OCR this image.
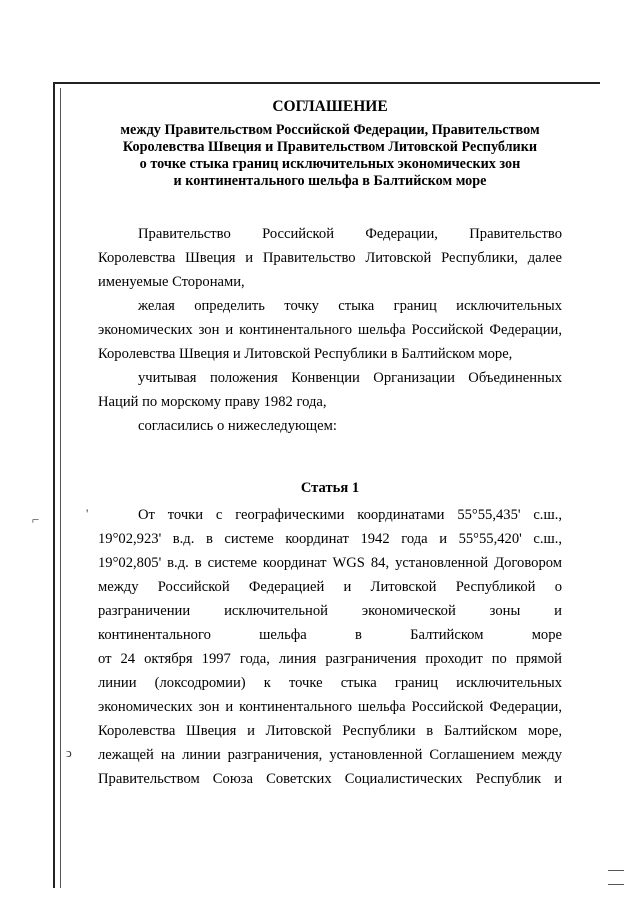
СОГЛАШЕНИЕ
между Правительством Российской Федерации, Правительством
Королевства Швеция и Правительством Литовской Республики
о точке стыка границ исключительных экономических зон
и континентального шельфа в Балтийском море
Правительство Российской Федерации, Правительство
Королевства Швеция и Правительство Литовской Республики, далее
именуемые Сторонами,
желая определить точку стыка границ исключительных
экономических зон и континентального шельфа Российской Федерации,
Королевства Швеция и Литовской Республики в Балтийском море,
учитывая положения Конвенции Организации Объединенных
Наций по морскому праву 1982 года,
согласились о нижеследующем:
Статья 1
От точки с географическими координатами 55°55,435' с.ш.,
19°02,923' в.д. в системе координат 1942 года и 55°55,420' с.ш.,
19°02,805' в.д. в системе координат WGS 84, установленной Договором
между Российской Федерацией и Литовской Республикой о
разграничении исключительной экономической зоны и
континентального шельфа в Балтийском море
от 24 октября 1997 года, линия разграничения проходит по прямой
линии (локсодромии) к точке стыка границ исключительных
экономических зон и континентального шельфа Российской Федерации,
Королевства Швеция и Литовской Республики в Балтийском море,
лежащей на линии разграничения, установленной Соглашением между
Правительством Союза Советских Социалистических Республик и
⌐	'
ↄ
